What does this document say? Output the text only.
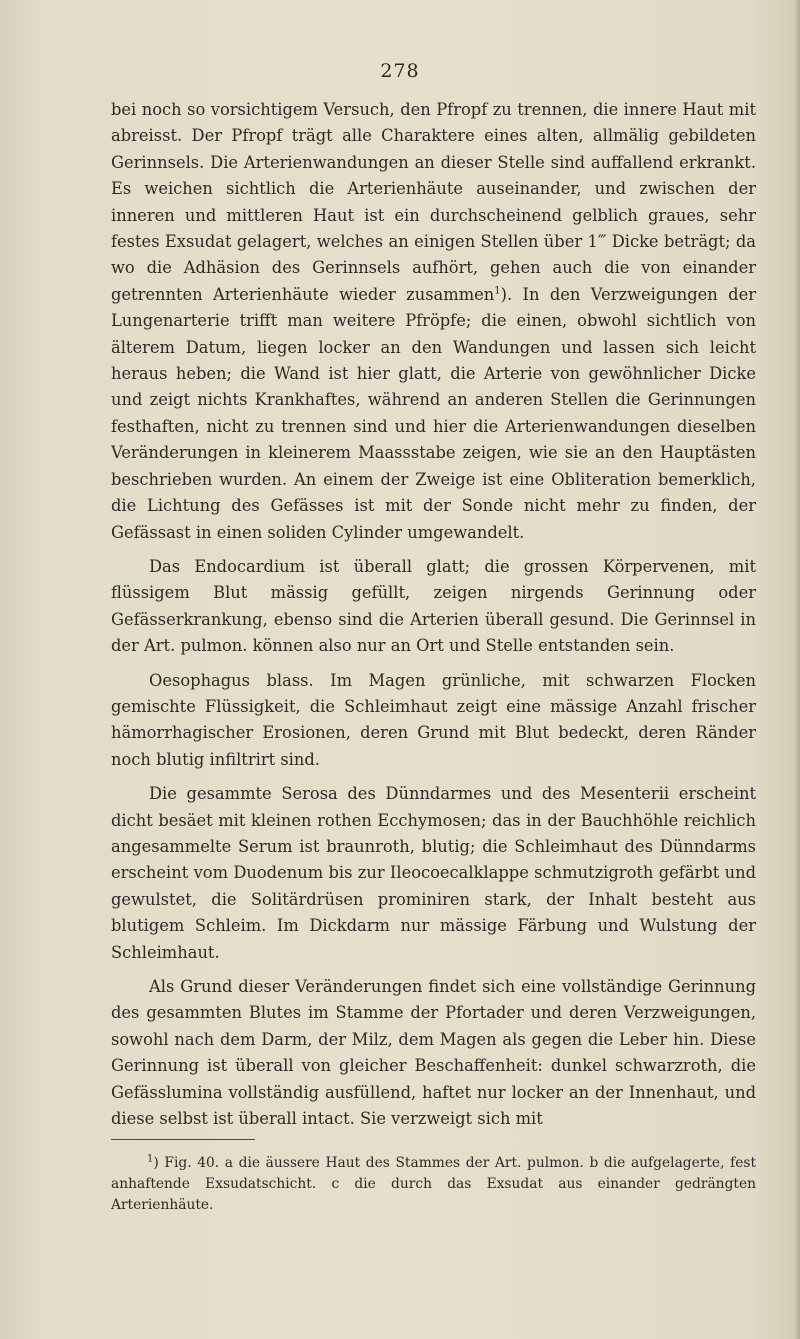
278

bei noch so vorsichtigem Versuch, den Pfropf zu trennen, die innere Haut mit abreisst. Der Pfropf trägt alle Charaktere eines alten, allmälig gebildeten Gerinnsels. Die Arterienwandungen an dieser Stelle sind auffallend erkrankt. Es weichen sichtlich die Arterienhäute auseinander, und zwischen der inneren und mittleren Haut ist ein durchscheinend gelblich graues, sehr festes Exsudat gelagert, welches an einigen Stellen über 1‴ Dicke beträgt; da wo die Adhäsion des Gerinnsels aufhört, gehen auch die von einander getrennten Arterienhäute wieder zusammen$^1$). In den Verzweigungen der Lungenarterie trifft man weitere Pfröpfe; die einen, obwohl sichtlich von älterem Datum, liegen locker an den Wandungen und lassen sich leicht heraus heben; die Wand ist hier glatt, die Arterie von gewöhnlicher Dicke und zeigt nichts Krankhaftes, während an anderen Stellen die Gerinnungen festhaften, nicht zu trennen sind und hier die Arterienwandungen dieselben Veränderungen in kleinerem Maassstabe zeigen, wie sie an den Hauptästen beschrieben wurden. An einem der Zweige ist eine Obliteration bemerklich, die Lichtung des Gefässes ist mit der Sonde nicht mehr zu finden, der Gefässast in einen soliden Cylinder umgewandelt.

Das Endocardium ist überall glatt; die grossen Körpervenen, mit flüssigem Blut mässig gefüllt, zeigen nirgends Gerinnung oder Gefässerkrankung, ebenso sind die Arterien überall gesund. Die Gerinnsel in der Art. pulmon. können also nur an Ort und Stelle entstanden sein.

Oesophagus blass. Im Magen grünliche, mit schwarzen Flocken gemischte Flüssigkeit, die Schleimhaut zeigt eine mässige Anzahl frischer hämorrhagischer Erosionen, deren Grund mit Blut bedeckt, deren Ränder noch blutig infiltrirt sind.

Die gesammte Serosa des Dünndarmes und des Mesenterii erscheint dicht besäet mit kleinen rothen Ecchymosen; das in der Bauchhöhle reichlich angesammelte Serum ist braunroth, blutig; die Schleimhaut des Dünndarms erscheint vom Duodenum bis zur Ileocoecalklappe schmutzigroth gefärbt und gewulstet, die Solitärdrüsen prominiren stark, der Inhalt besteht aus blutigem Schleim. Im Dickdarm nur mässige Färbung und Wulstung der Schleimhaut.

Als Grund dieser Veränderungen findet sich eine vollständige Gerinnung des gesammten Blutes im Stamme der Pfortader und deren Verzweigungen, sowohl nach dem Darm, der Milz, dem Magen als gegen die Leber hin. Diese Gerinnung ist überall von gleicher Beschaffenheit: dunkel schwarzroth, die Gefässlumina vollständig ausfüllend, haftet nur locker an der Innenhaut, und diese selbst ist überall intact. Sie verzweigt sich mit

$^1$) Fig. 40. a die äussere Haut des Stammes der Art. pulmon. b die aufgelagerte, fest anhaftende Exsudatschicht. c die durch das Exsudat aus einander gedrängten Arterienhäute.
